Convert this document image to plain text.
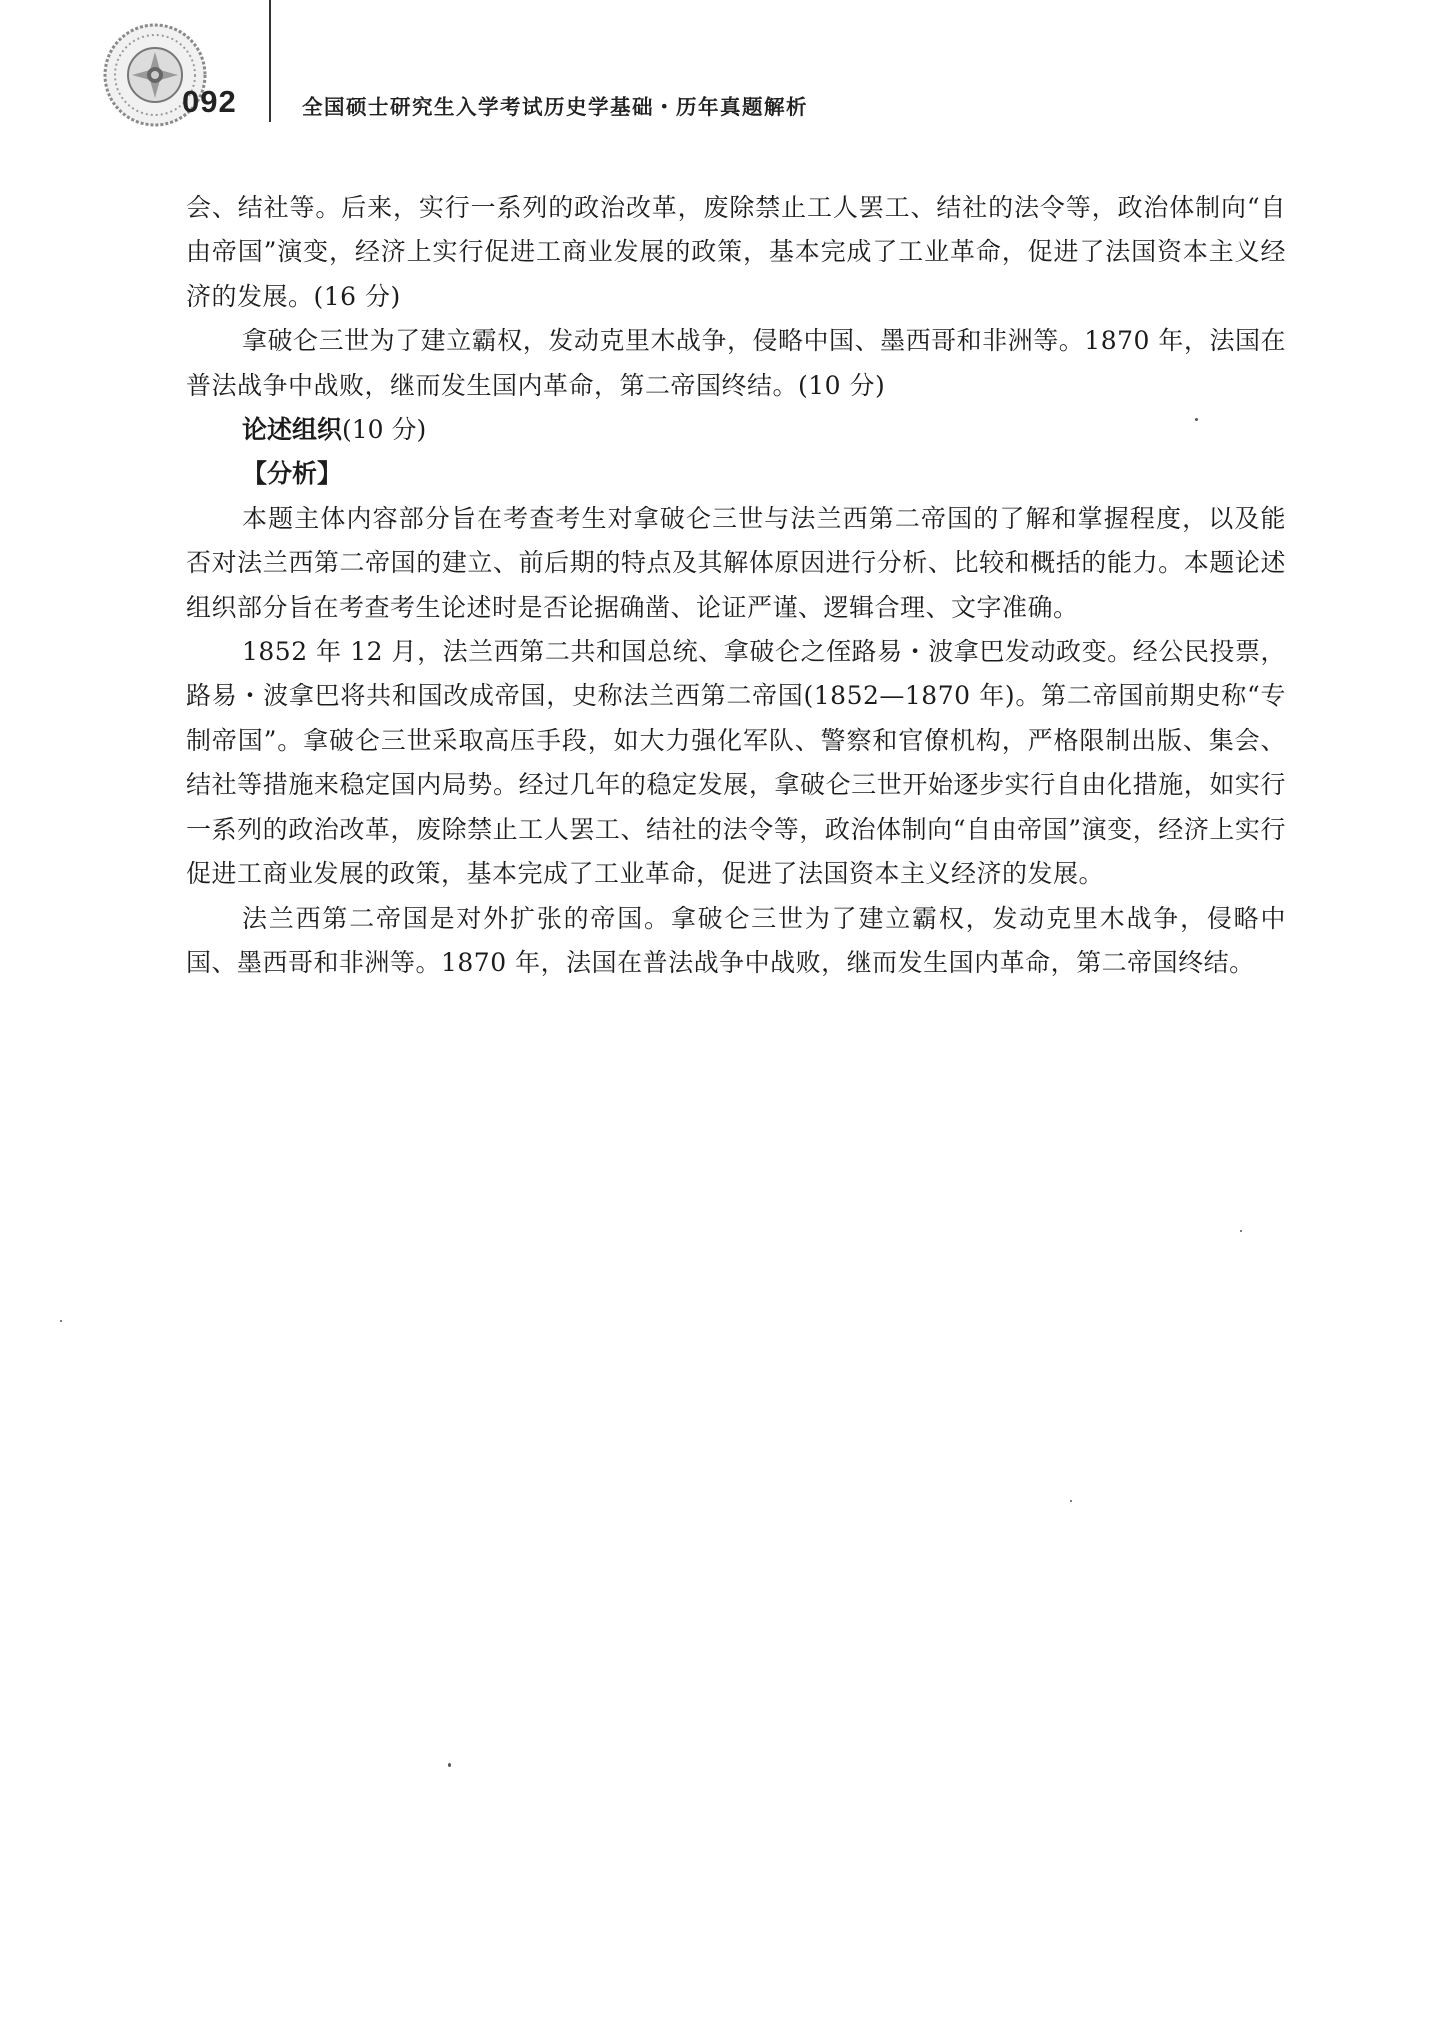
092	全国硕士研究生入学考试历史学基础・历年真题解析

会、结社等。后来，实行一系列的政治改革，废除禁止工人罢工、结社的法令等，政治体制向“自由帝国”演变，经济上实行促进工商业发展的政策，基本完成了工业革命，促进了法国资本主义经济的发展。(16 分)

拿破仑三世为了建立霸权，发动克里木战争，侵略中国、墨西哥和非洲等。1870 年，法国在普法战争中战败，继而发生国内革命，第二帝国终结。(10 分)

论述组织(10 分)

【分析】

本题主体内容部分旨在考查考生对拿破仑三世与法兰西第二帝国的了解和掌握程度，以及能否对法兰西第二帝国的建立、前后期的特点及其解体原因进行分析、比较和概括的能力。本题论述组织部分旨在考查考生论述时是否论据确凿、论证严谨、逻辑合理、文字准确。

1852 年 12 月，法兰西第二共和国总统、拿破仑之侄路易・波拿巴发动政变。经公民投票，路易・波拿巴将共和国改成帝国，史称法兰西第二帝国(1852—1870 年)。第二帝国前期史称“专制帝国”。拿破仑三世采取高压手段，如大力强化军队、警察和官僚机构，严格限制出版、集会、结社等措施来稳定国内局势。经过几年的稳定发展，拿破仑三世开始逐步实行自由化措施，如实行一系列的政治改革，废除禁止工人罢工、结社的法令等，政治体制向“自由帝国”演变，经济上实行促进工商业发展的政策，基本完成了工业革命，促进了法国资本主义经济的发展。

法兰西第二帝国是对外扩张的帝国。拿破仑三世为了建立霸权，发动克里木战争，侵略中国、墨西哥和非洲等。1870 年，法国在普法战争中战败，继而发生国内革命，第二帝国终结。
